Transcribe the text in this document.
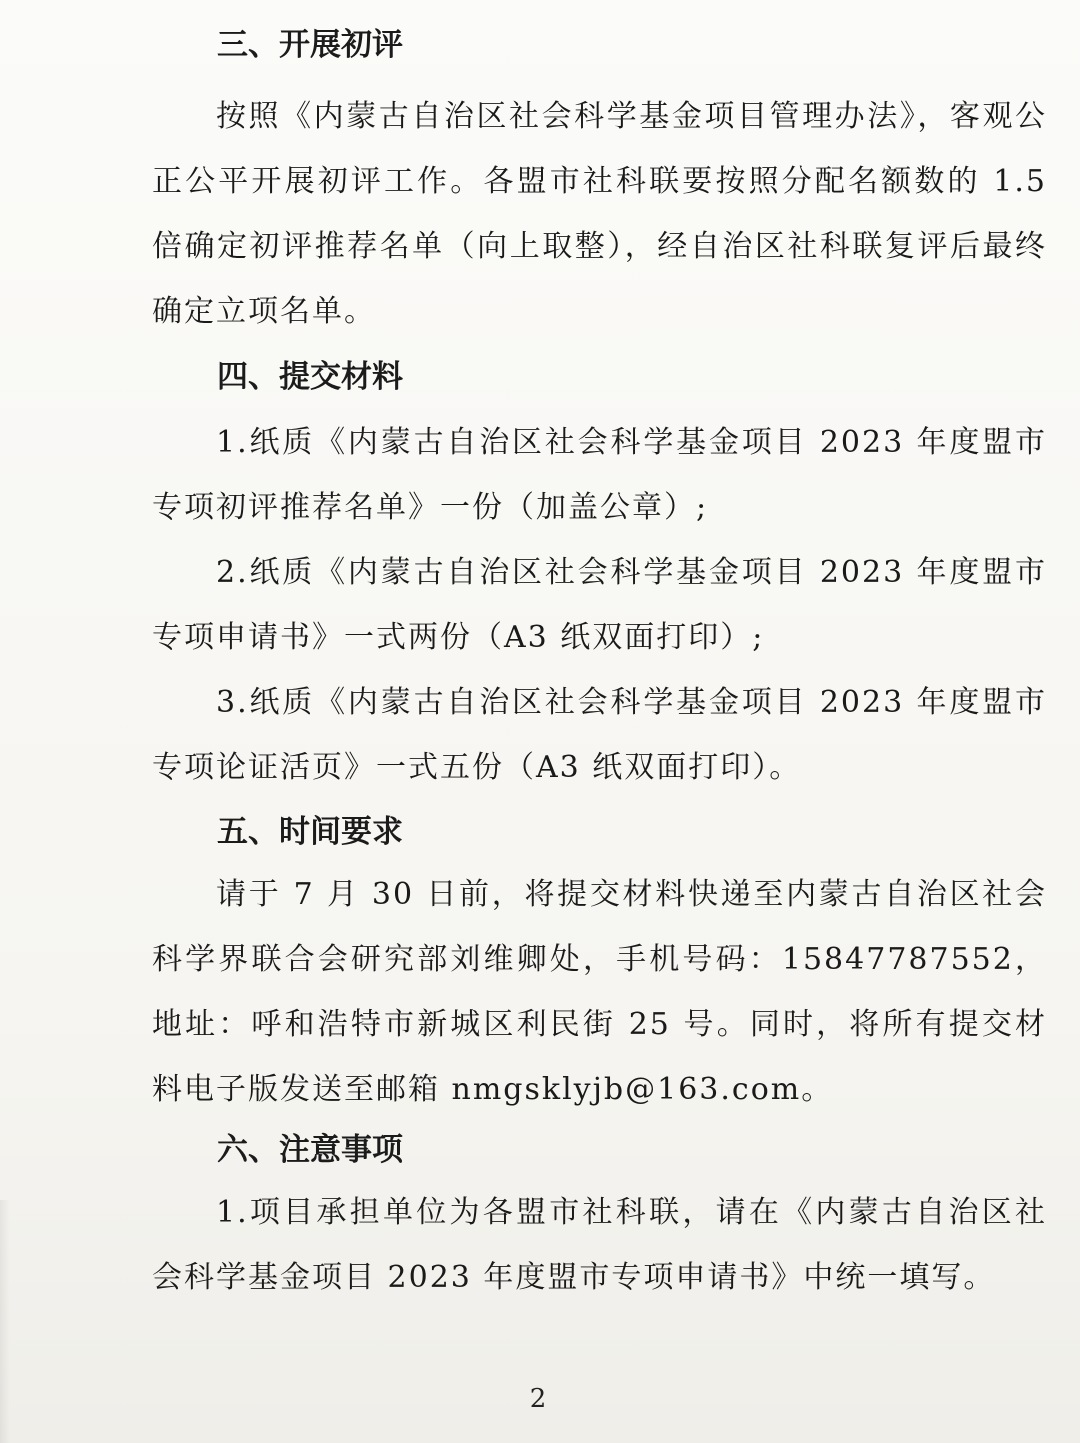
三、开展初评

按照《内蒙古自治区社会科学基金项目管理办法》，客观公正公平开展初评工作。各盟市社科联要按照分配名额数的 1.5 倍确定初评推荐名单（向上取整），经自治区社科联复评后最终确定立项名单。

四、提交材料

1.纸质《内蒙古自治区社会科学基金项目 2023 年度盟市专项初评推荐名单》一份（加盖公章）;

2.纸质《内蒙古自治区社会科学基金项目 2023 年度盟市专项申请书》一式两份（A3 纸双面打印）;

3.纸质《内蒙古自治区社会科学基金项目 2023 年度盟市专项论证活页》一式五份（A3 纸双面打印）。

五、时间要求

请于 7 月 30 日前，将提交材料快递至内蒙古自治区社会科学界联合会研究部刘维卿处，手机号码：15847787552，地址：呼和浩特市新城区利民街 25 号。同时，将所有提交材料电子版发送至邮箱 nmgsklyjb@163.com。

六、注意事项

1.项目承担单位为各盟市社科联，请在《内蒙古自治区社会科学基金项目 2023 年度盟市专项申请书》中统一填写。

2
